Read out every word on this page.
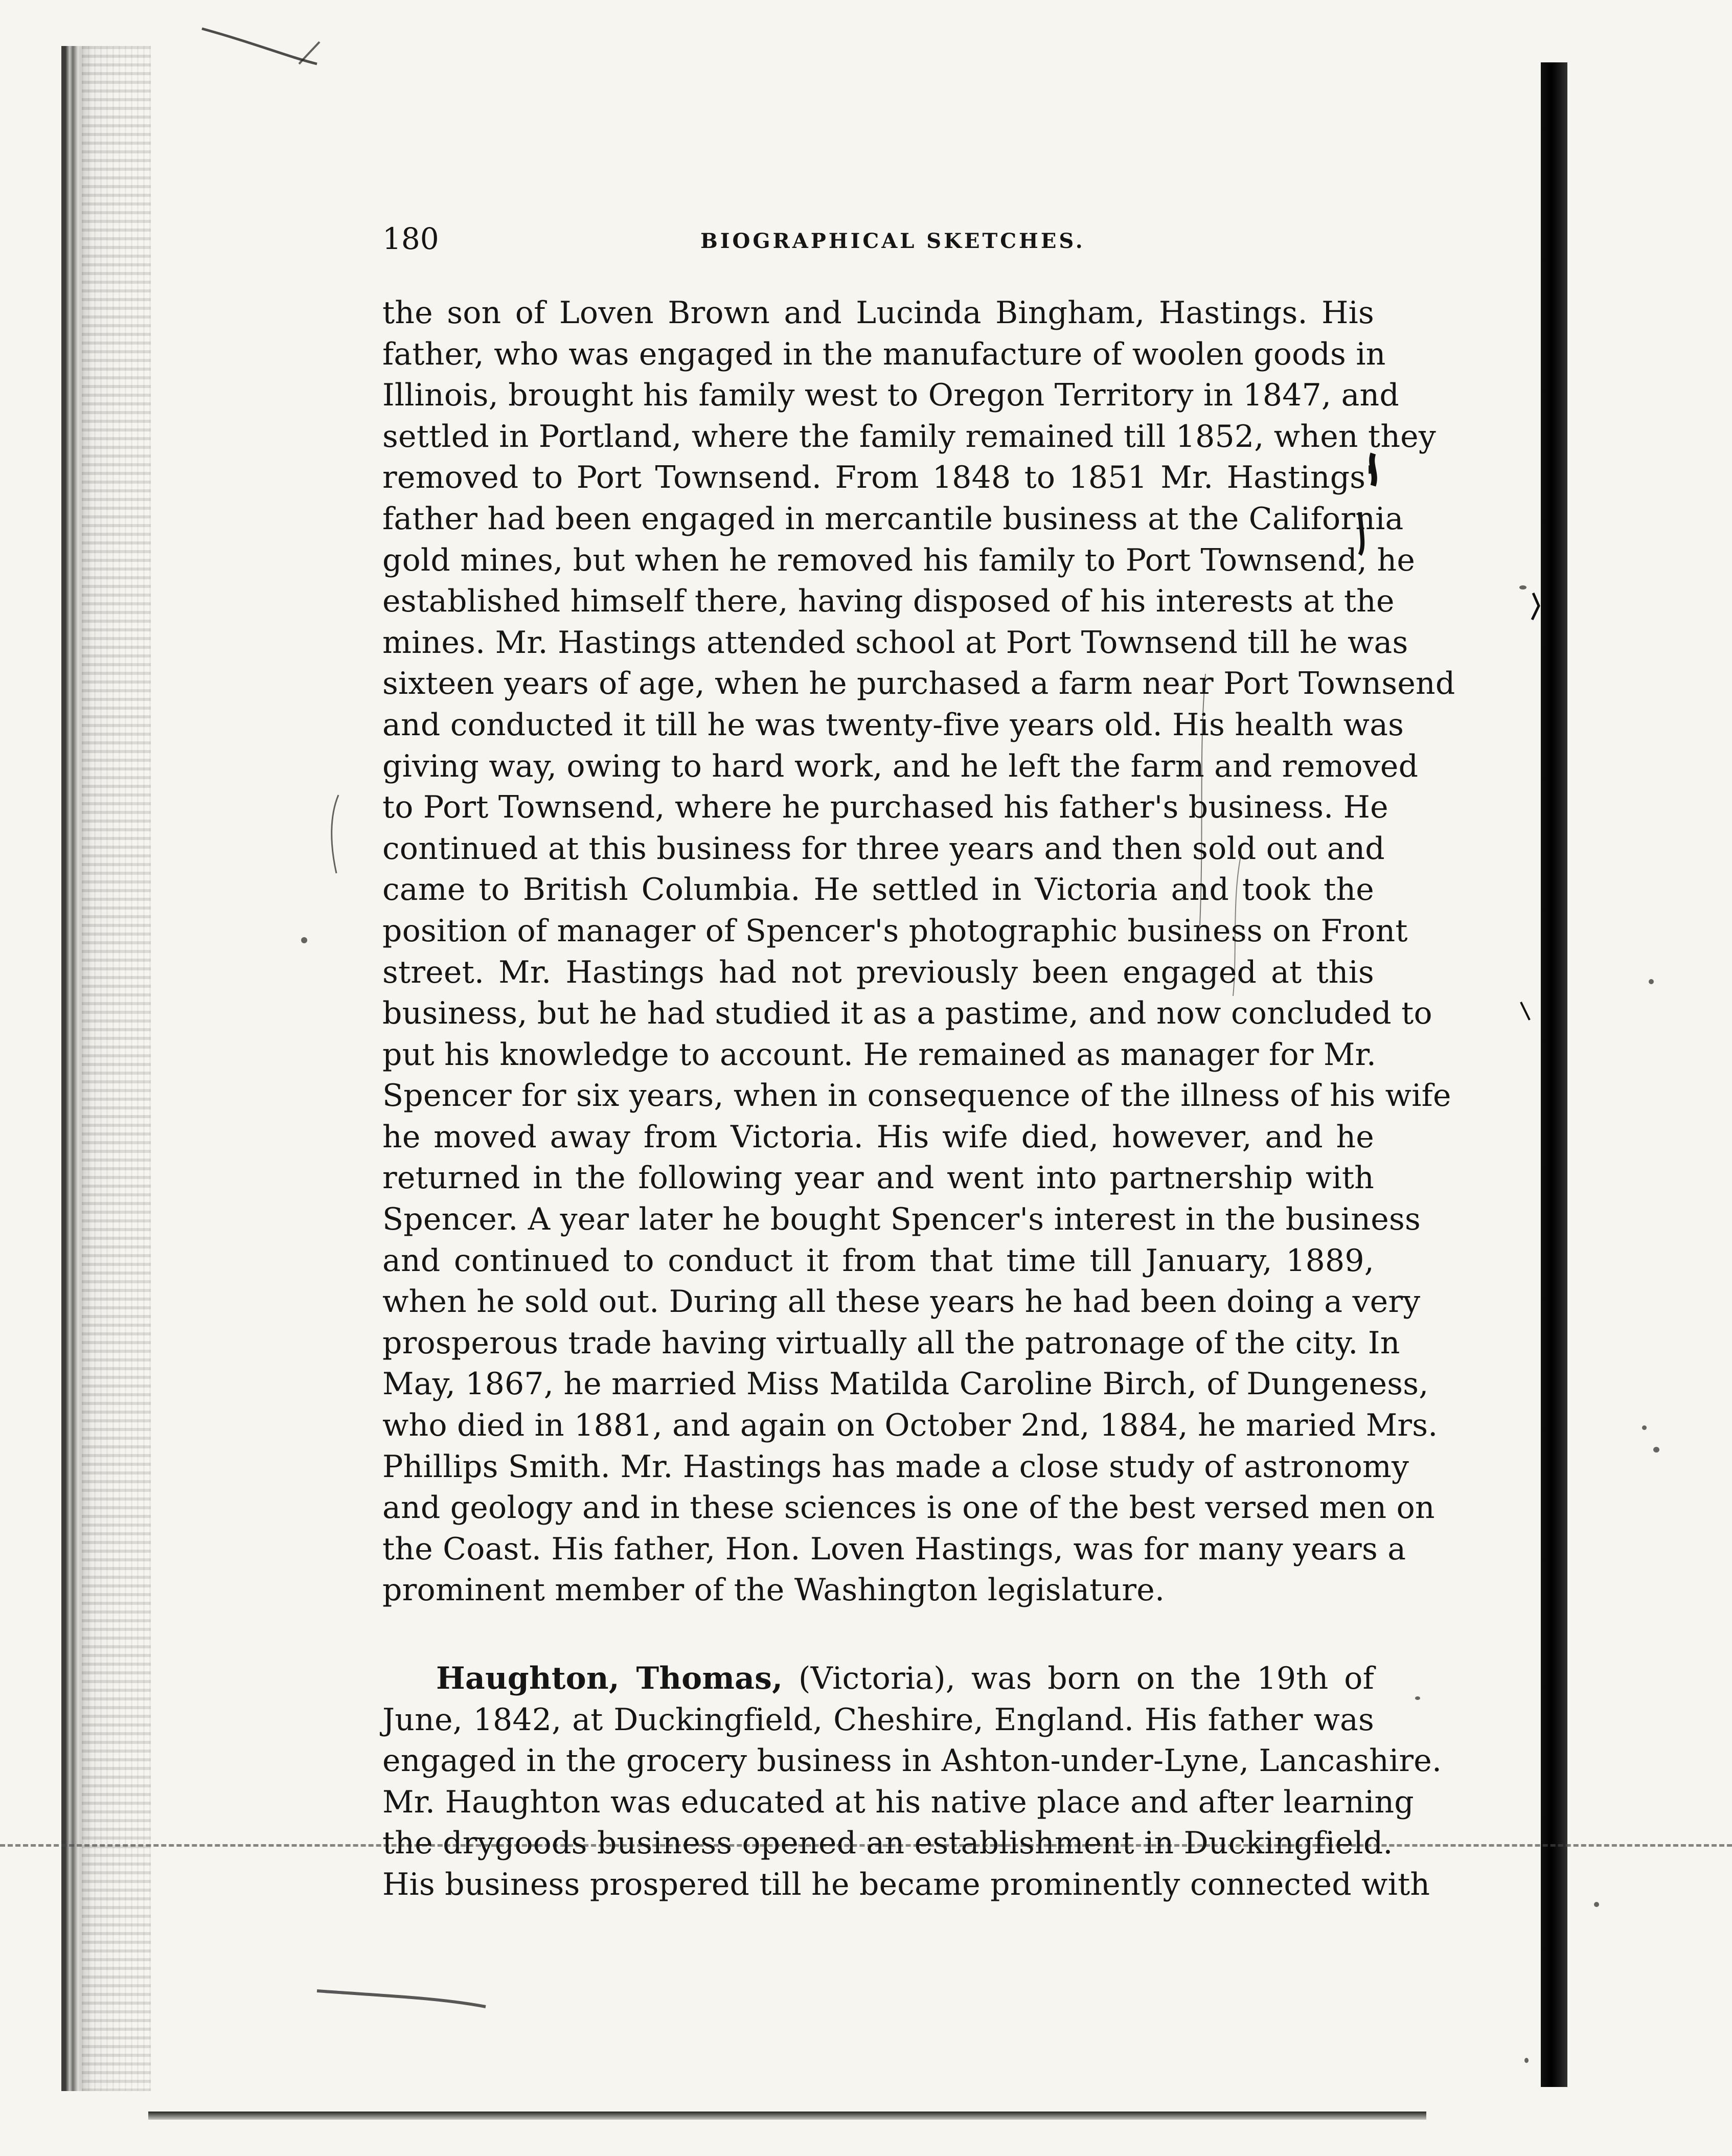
180	BIOGRAPHICAL SKETCHES.
the son of Loven Brown and Lucinda Bingham, Hastings. His
father, who was engaged in the manufacture of woolen goods in
Illinois, brought his family west to Oregon Territory in 1847, and
settled in Portland, where the family remained till 1852, when they
removed to Port Townsend. From 1848 to 1851 Mr. Hastings'
father had been engaged in mercantile business at the California
gold mines, but when he removed his family to Port Townsend, he
established himself there, having disposed of his interests at the
mines. Mr. Hastings attended school at Port Townsend till he was
sixteen years of age, when he purchased a farm near Port Townsend
and conducted it till he was twenty-five years old. His health was
giving way, owing to hard work, and he left the farm and removed
to Port Townsend, where he purchased his father's business. He
continued at this business for three years and then sold out and
came to British Columbia. He settled in Victoria and took the
position of manager of Spencer's photographic business on Front
street. Mr. Hastings had not previously been engaged at this
business, but he had studied it as a pastime, and now concluded to
put his knowledge to account. He remained as manager for Mr.
Spencer for six years, when in consequence of the illness of his wife
he moved away from Victoria. His wife died, however, and he
returned in the following year and went into partnership with
Spencer. A year later he bought Spencer's interest in the business
and continued to conduct it from that time till January, 1889,
when he sold out. During all these years he had been doing a very
prosperous trade having virtually all the patronage of the city. In
May, 1867, he married Miss Matilda Caroline Birch, of Dungeness,
who died in 1881, and again on October 2nd, 1884, he maried Mrs.
Phillips Smith. Mr. Hastings has made a close study of astronomy
and geology and in these sciences is one of the best versed men on
the Coast. His father, Hon. Loven Hastings, was for many years a
prominent member of the Washington legislature.
Haughton, Thomas, (Victoria), was born on the 19th of
June, 1842, at Duckingfield, Cheshire, England. His father was
engaged in the grocery business in Ashton-under-Lyne, Lancashire.
Mr. Haughton was educated at his native place and after learning
the drygoods business opened an establishment in Duckingfield.
His business prospered till he became prominently connected with
